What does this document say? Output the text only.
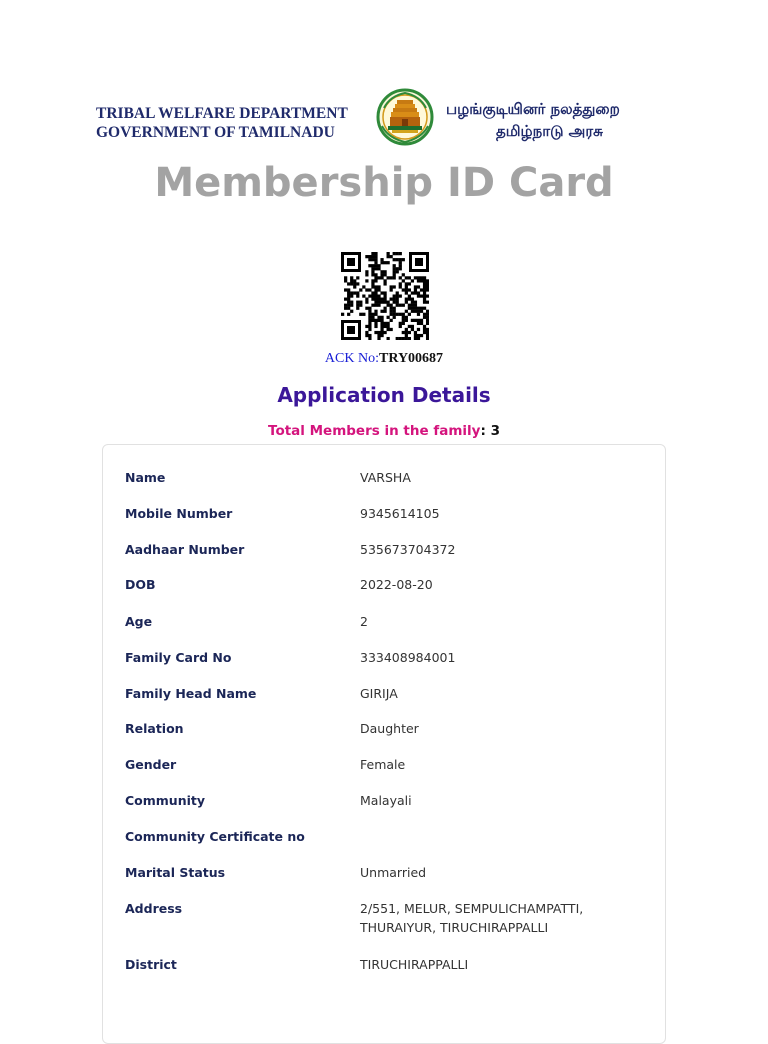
TRIBAL WELFARE DEPARTMENT
GOVERNMENT OF TAMILNADU
பழங்குடியினர் நலத்துறை
தமிழ்நாடு அரசு
Membership ID Card
ACK No:TRY00687
Application Details
Total Members in the family: 3
Name	VARSHA
Mobile Number	9345614105
Aadhaar Number	535673704372
DOB	2022-08-20
Age	2
Family Card No	333408984001
Family Head Name	GIRIJA
Relation	Daughter
Gender	Female
Community	Malayali
Community Certificate no
Marital Status	Unmarried
Address	2/551, MELUR, SEMPULICHAMPATTI, THURAIYUR, TIRUCHIRAPPALLI
District	TIRUCHIRAPPALLI
